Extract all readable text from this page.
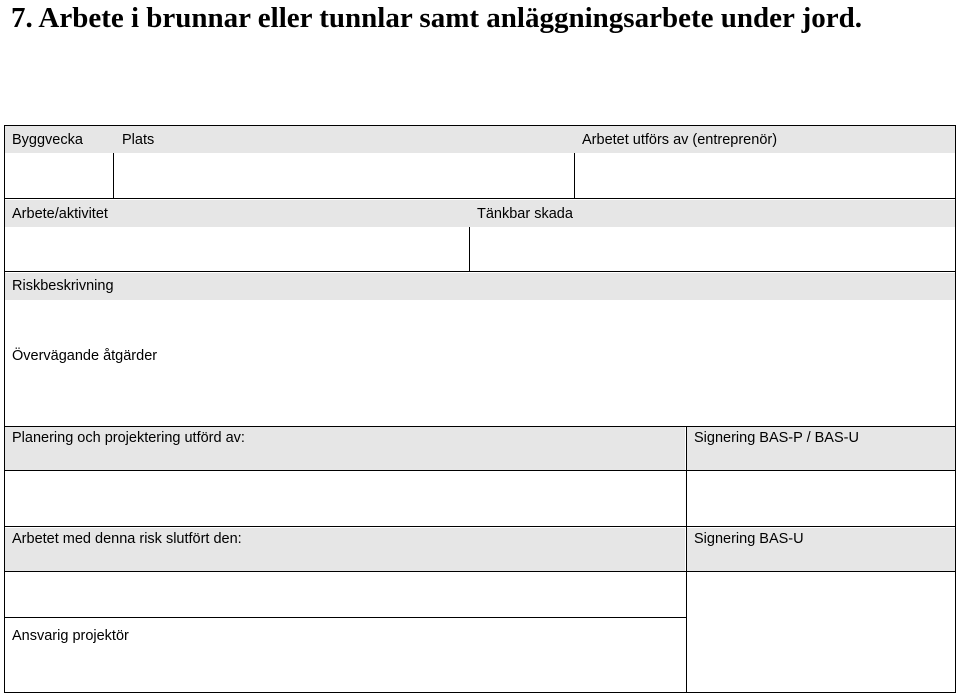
7. Arbete i brunnar eller tunnlar samt anläggningsarbete under jord.
Byggvecka	Plats	Arbetet utförs av (entreprenör)
Arbete/aktivitet	Tänkbar skada
Riskbeskrivning
Övervägande åtgärder
Planering och projektering utförd av:	Signering BAS-P / BAS-U
Arbetet med denna risk slutfört den:	Signering BAS-U
Ansvarig projektör
